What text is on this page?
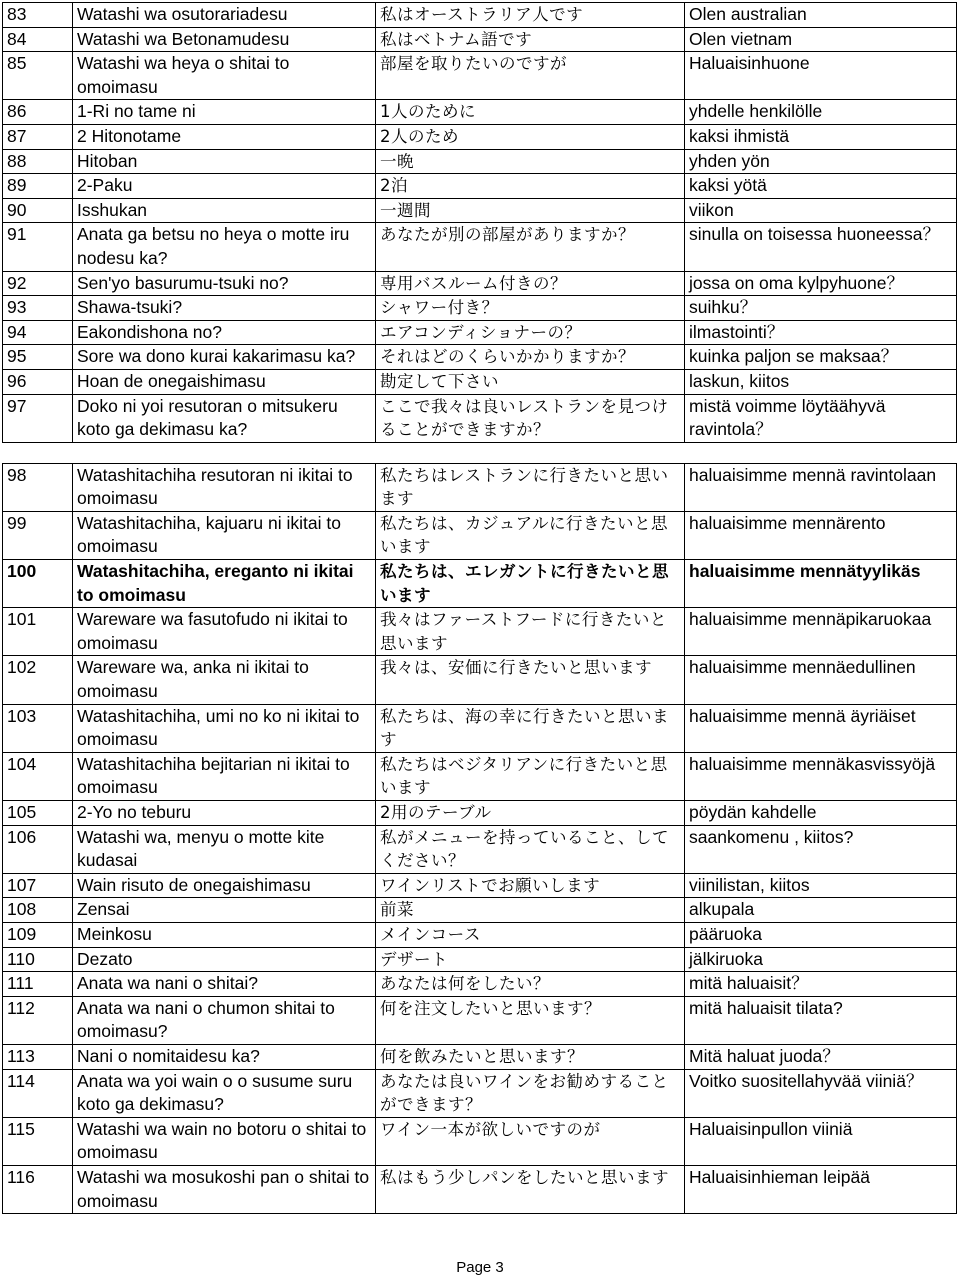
83	Watashi wa osutorariadesu	私はオーストラリア人です	Olen australian
84	Watashi wa Betonamudesu	私はベトナム語です	Olen vietnam
85	Watashi wa heya o shitai to omoimasu	部屋を取りたいのですが	Haluaisinhuone
86	1-Ri no tame ni	1人のために	yhdelle henkilölle
87	2 Hitonotame	2人のため	kaksi ihmistä
88	Hitoban	一晩	yhden yön
89	2-Paku	2泊	kaksi yötä
90	Isshukan	一週間	viikon
91	Anata ga betsu no heya o motte iru nodesu ka?	あなたが別の部屋がありますか？	sinulla on toisessa huoneessa？
92	Sen'yo basurumu-tsuki no?	専用バスルーム付きの？	jossa on oma kylpyhuone？
93	Shawa-tsuki?	シャワー付き？	suihku？
94	Eakondishona no?	エアコンディショナーの？	ilmastointi？
95	Sore wa dono kurai kakarimasu ka?	それはどのくらいかかりますか？	kuinka paljon se maksaa？
96	Hoan de onegaishimasu	勘定して下さい	laskun, kiitos
97	Doko ni yoi resutoran o mitsukeru koto ga dekimasu ka?	ここで我々は良いレストランを見つけることができますか？	mistä voimme löytäähyvä ravintola？

98	Watashitachiha resutoran ni ikitai to omoimasu	私たちはレストランに行きたいと思います	haluaisimme mennä ravintolaan
99	Watashitachiha, kajuaru ni ikitai to omoimasu	私たちは、カジュアルに行きたいと思います	haluaisimme mennärento
100	Watashitachiha, ereganto ni ikitai to omoimasu	私たちは、エレガントに行きたいと思います	haluaisimme mennätyylikäs
101	Wareware wa fasutofudo ni ikitai to omoimasu	我々はファーストフードに行きたいと思います	haluaisimme mennäpikaruokaa
102	Wareware wa, anka ni ikitai to omoimasu	我々は、安価に行きたいと思います	haluaisimme mennäedullinen
103	Watashitachiha, umi no ko ni ikitai to omoimasu	私たちは、海の幸に行きたいと思います	haluaisimme mennä äyriäiset
104	Watashitachiha bejitarian ni ikitai to omoimasu	私たちはベジタリアンに行きたいと思います	haluaisimme mennäkasvissyöjä
105	2-Yo no teburu	2用のテーブル	pöydän kahdelle
106	Watashi wa, menyu o motte kite kudasai	私がメニューを持っていること、してください？	saankomenu , kiitos?
107	Wain risuto de onegaishimasu	ワインリストでお願いします	viinilistan, kiitos
108	Zensai	前菜	alkupala
109	Meinkosu	メインコース	pääruoka
110	Dezato	デザート	jälkiruoka
111	Anata wa nani o shitai?	あなたは何をしたい？	mitä haluaisit？
112	Anata wa nani o chumon shitai to omoimasu?	何を注文したいと思います？	mitä haluaisit tilata?
113	Nani o nomitaidesu ka?	何を飲みたいと思います？	Mitä haluat juoda？
114	Anata wa yoi wain o o susume suru koto ga dekimasu?	あなたは良いワインをお勧めすることができます？	Voitko suositellahyvää viiniä？
115	Watashi wa wain no botoru o shitai to omoimasu	ワイン一本が欲しいですのが	Haluaisinpullon viiniä
116	Watashi wa mosukoshi pan o shitai to omoimasu	私はもう少しパンをしたいと思います	Haluaisinhieman leipää
Page 3
